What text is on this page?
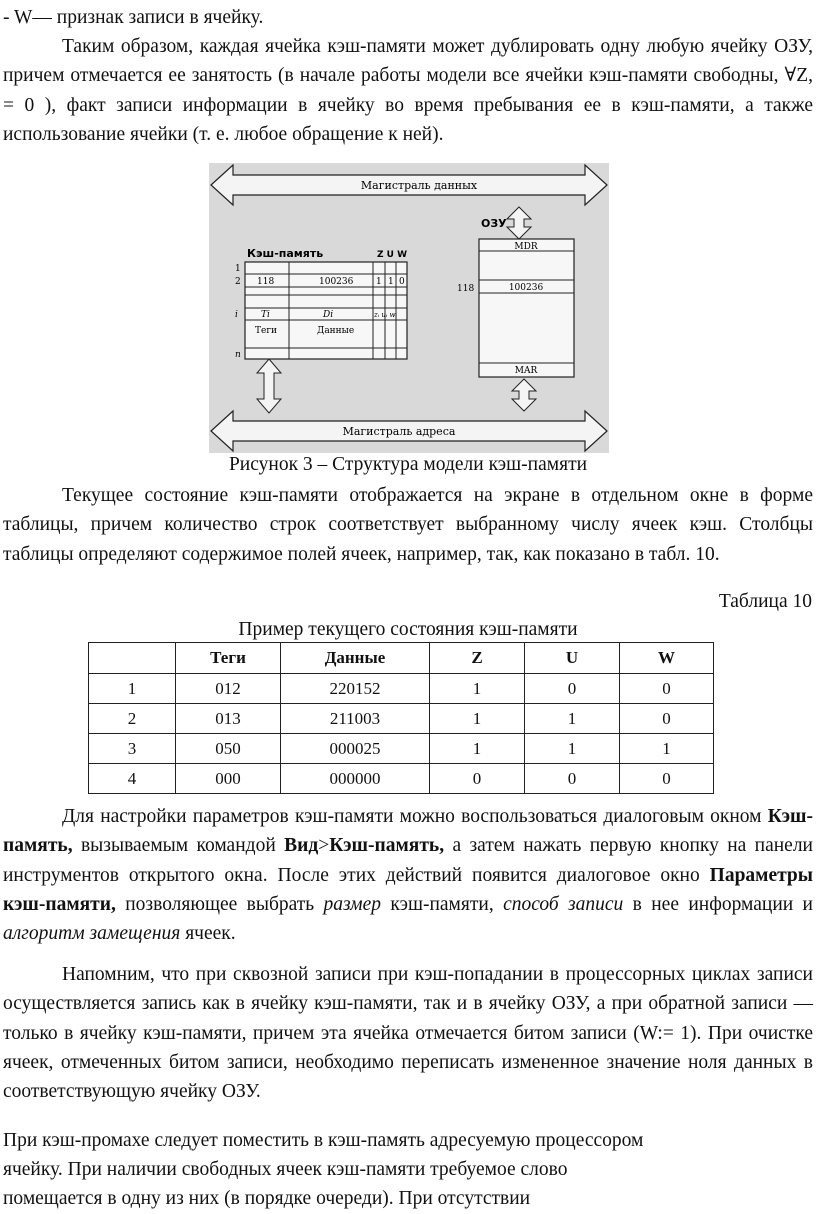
- W— признак записи в ячейку.

Таким образом, каждая ячейка кэш-памяти может дублировать одну любую ячейку ОЗУ, причем отмечается ее занятость (в начале работы модели все ячейки кэш-памяти свободны, ∀Z, = 0 ), факт записи информации в ячейку во время пребывания ее в кэш-памяти, а также использование ячейки (т. е. любое обращение к ней).

Магистраль данных
Магистраль адреса
Кэш-память	Z U W
1
2
i
n
118	100236	1 1 0
Ti	Di	zᵢ uᵢ wᵢ
Теги	Данные
ОЗУ
MDR
118	100236
MAR
Рисунок 3 – Структура модели кэш-памяти

Текущее состояние кэш-памяти отображается на экране в отдельном окне в форме таблицы, причем количество строк соответствует выбранному числу ячеек кэш. Столбцы таблицы определяют содержимое полей ячеек, например, так, как показано в табл. 10.

Таблица 10
Пример текущего состояния кэш-памяти
	Теги	Данные	Z	U	W
1	012	220152	1	0	0
2	013	211003	1	1	0
3	050	000025	1	1	1
4	000	000000	0	0	0

Для настройки параметров кэш-памяти можно воспользоваться диалоговым окном Кэш-память, вызываемым командой Вид>Кэш-память, а затем нажать первую кнопку на панели инструментов открытого окна. После этих действий появится диалоговое окно Параметры кэш-памяти, позволяющее выбрать размер кэш-памяти, способ записи в нее информации и алгоритм замещения ячеек.

Напомним, что при сквозной записи при кэш-попадании в процессорных циклах записи осуществляется запись как в ячейку кэш-памяти, так и в ячейку ОЗУ, а при обратной записи — только в ячейку кэш-памяти, причем эта ячейка отмечается битом записи (W:= 1). При очистке ячеек, отмеченных битом записи, необходимо переписать измененное значение ноля данных в соответствующую ячейку ОЗУ.

При кэш-промахе следует поместить в кэш-память адресуемую процессором

ячейку. При наличии свободных ячеек кэш-памяти требуемое слово

помещается в одну из них (в порядке очереди). При отсутствии
